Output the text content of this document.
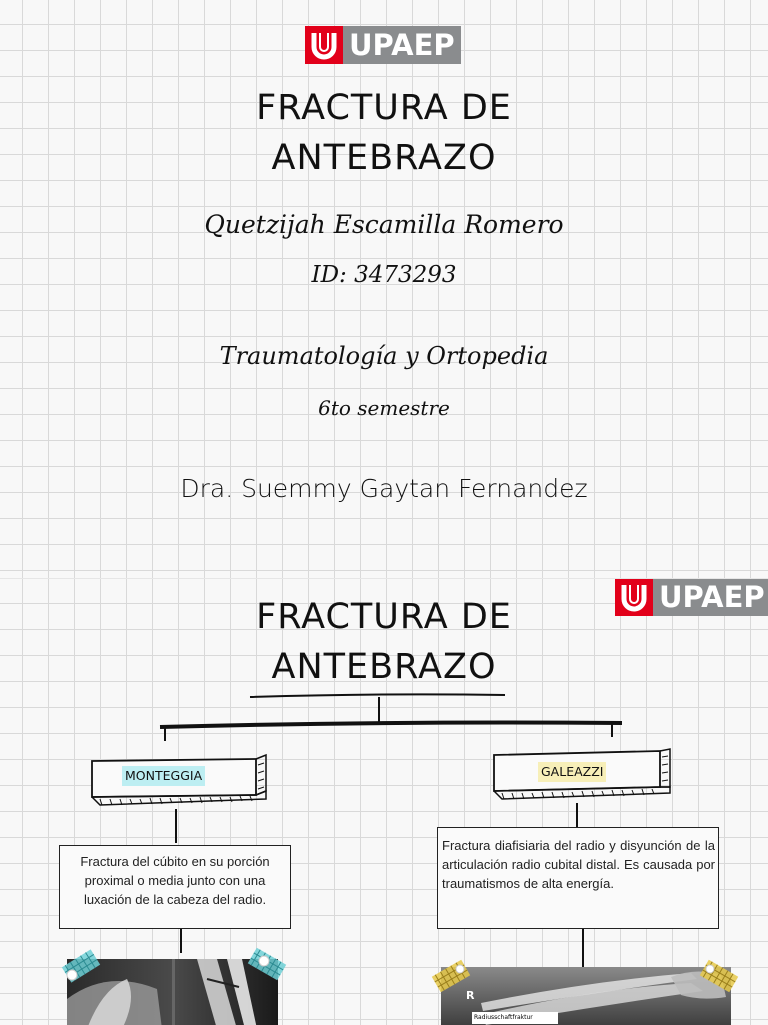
UPAEP
FRACTURA DE
ANTEBRAZO
Quetzijah Escamilla Romero
ID: 3473293
Traumatología y Ortopedia
6to semestre
Dra. Suemmy Gaytan Fernandez
UPAEP
FRACTURA DE
ANTEBRAZO
MONTEGGIA	GALEAZZI
Fractura del cúbito en su porción proximal o media junto con una luxación de la cabeza del radio.
Fractura diafisiaria del radio y disyunción de la articulación radio cubital distal. Es causada por traumatismos de alta energía.
R
Radiusschaftfraktur
